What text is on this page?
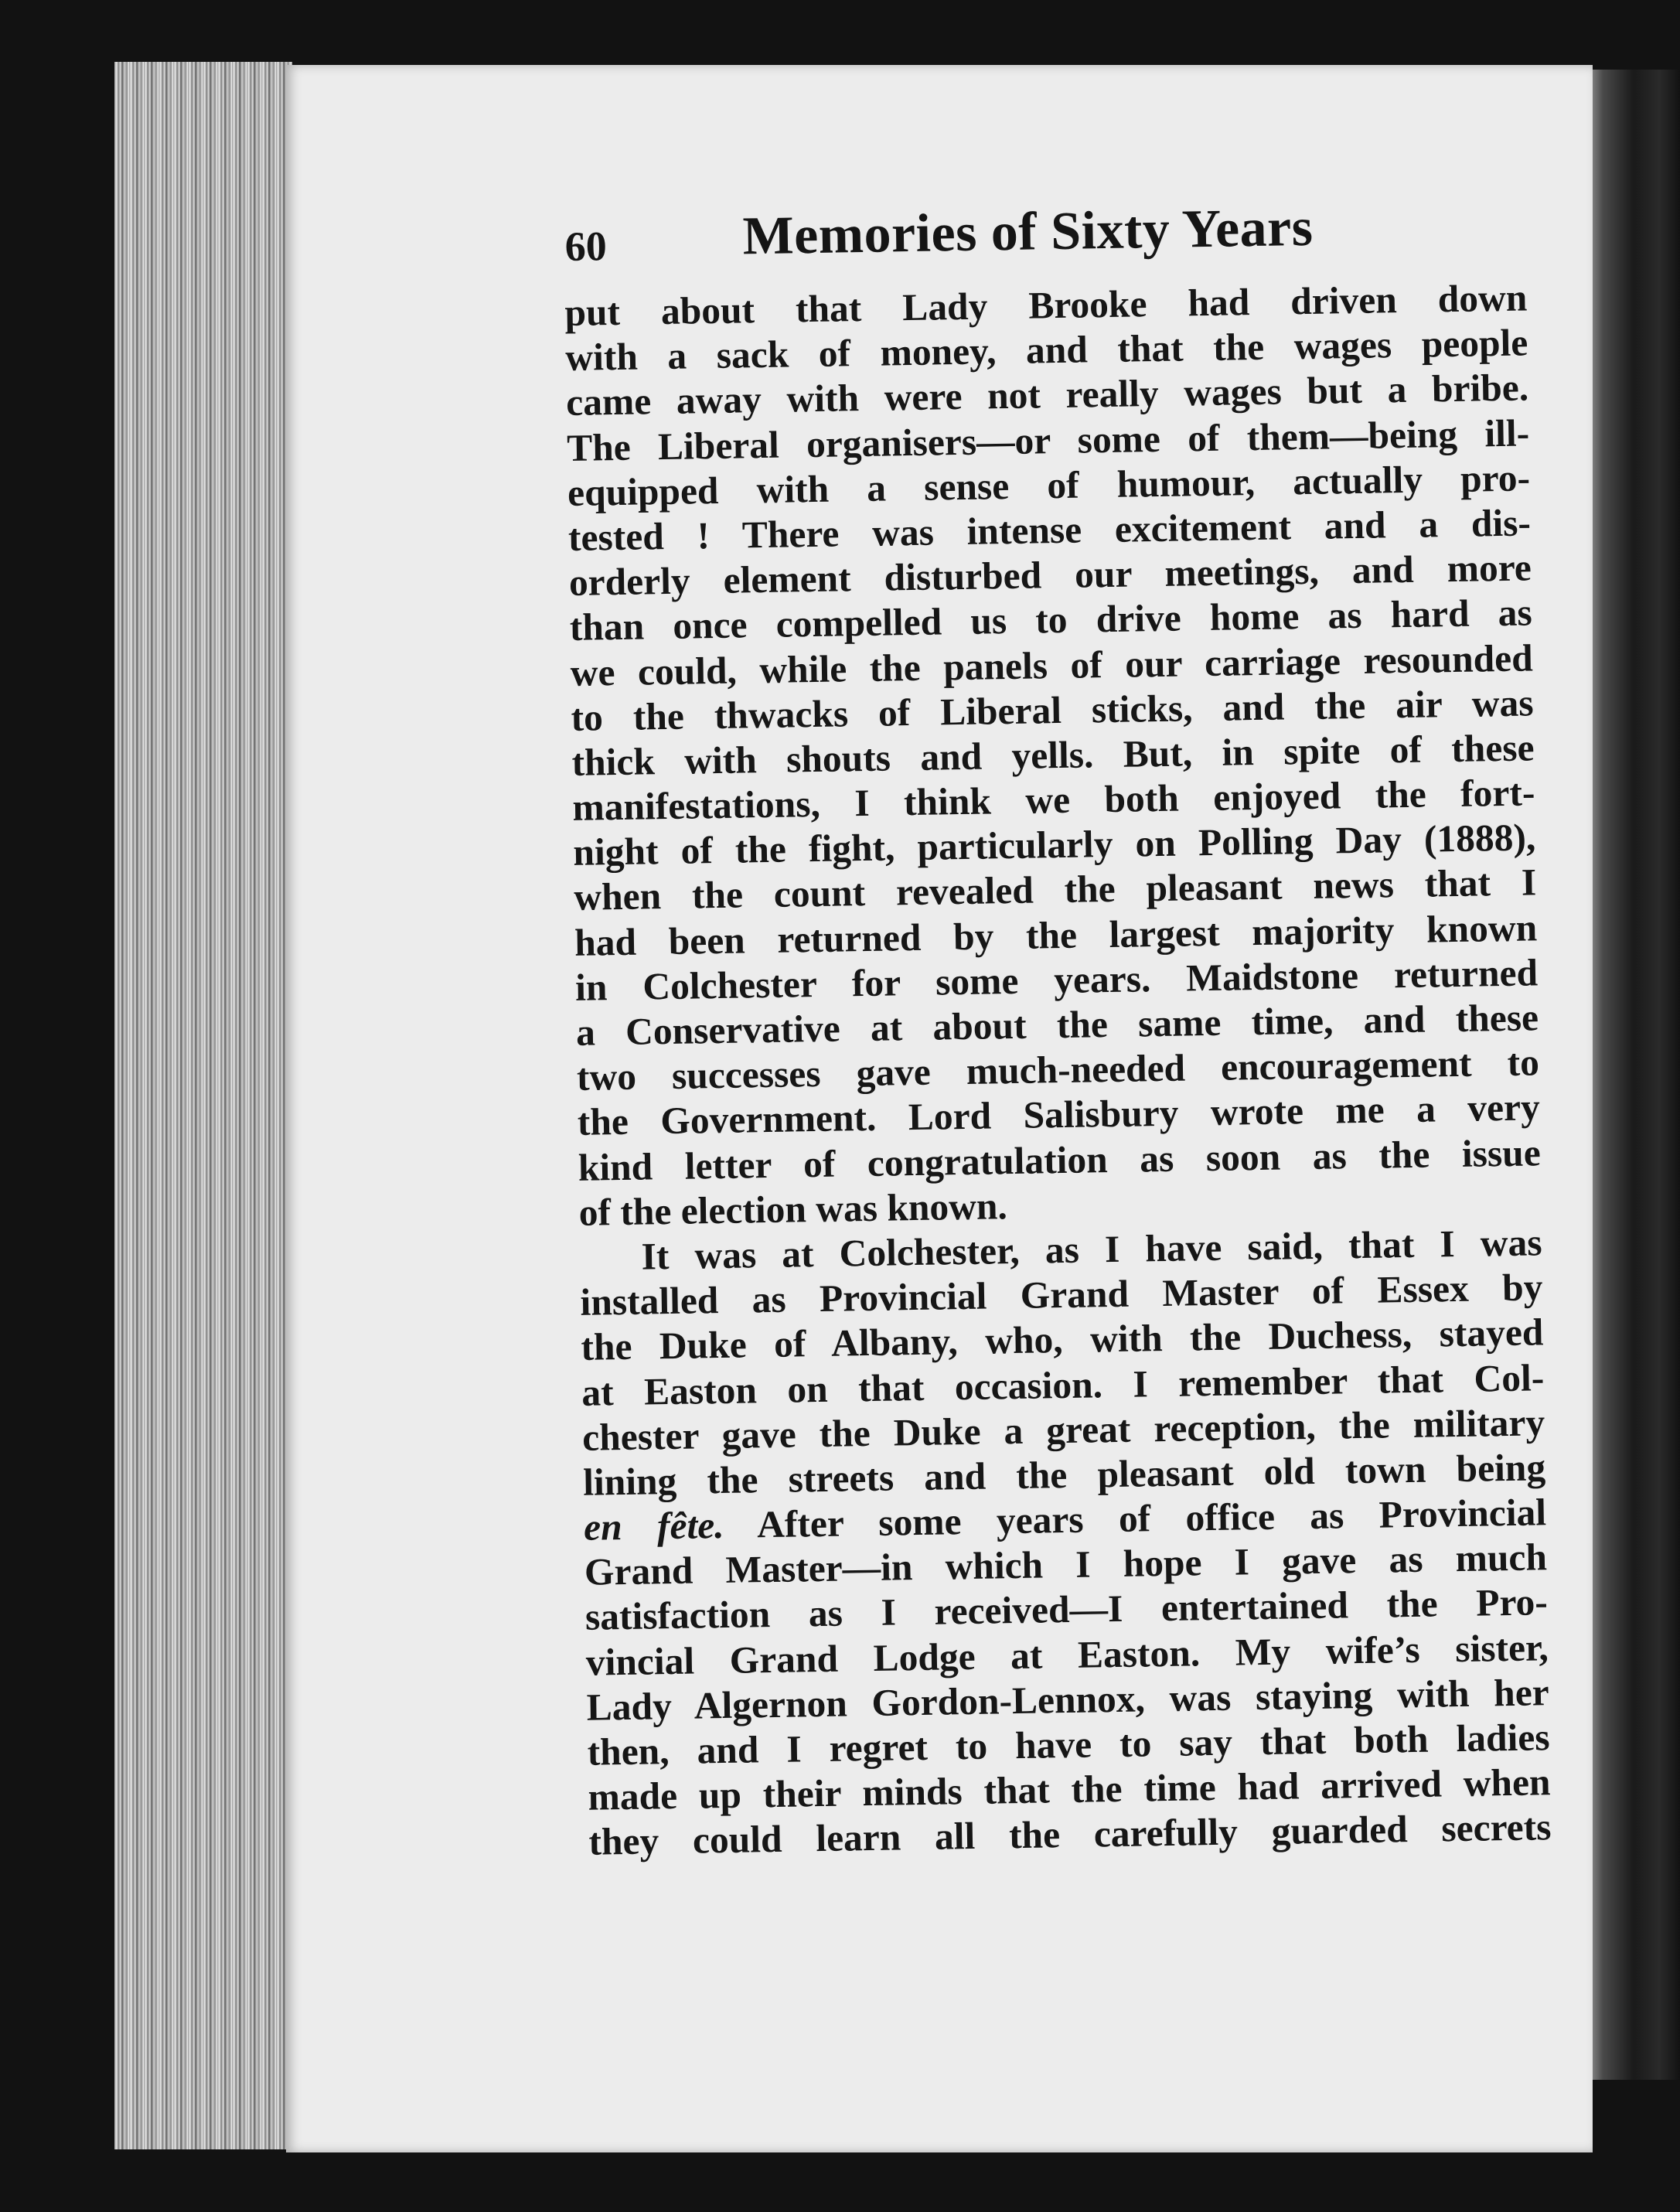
60 Memories of Sixty Years
put about that Lady Brooke had driven down
with a sack of money, and that the wages people
came away with were not really wages but a bribe.
The Liberal organisers—or some of them—being ill-
equipped with a sense of humour, actually pro-
tested ! There was intense excitement and a dis-
orderly element disturbed our meetings, and more
than once compelled us to drive home as hard as
we could, while the panels of our carriage resounded
to the thwacks of Liberal sticks, and the air was
thick with shouts and yells. But, in spite of these
manifestations, I think we both enjoyed the fort-
night of the fight, particularly on Polling Day (1888),
when the count revealed the pleasant news that I
had been returned by the largest majority known
in Colchester for some years. Maidstone returned
a Conservative at about the same time, and these
two successes gave much-needed encouragement to
the Government. Lord Salisbury wrote me a very
kind letter of congratulation as soon as the issue
of the election was known.
It was at Colchester, as I have said, that I was
installed as Provincial Grand Master of Essex by
the Duke of Albany, who, with the Duchess, stayed
at Easton on that occasion. I remember that Col-
chester gave the Duke a great reception, the military
lining the streets and the pleasant old town being
en fête. After some years of office as Provincial
Grand Master—in which I hope I gave as much
satisfaction as I received—I entertained the Pro-
vincial Grand Lodge at Easton. My wife’s sister,
Lady Algernon Gordon-Lennox, was staying with her
then, and I regret to have to say that both ladies
made up their minds that the time had arrived when
they could learn all the carefully guarded secrets
